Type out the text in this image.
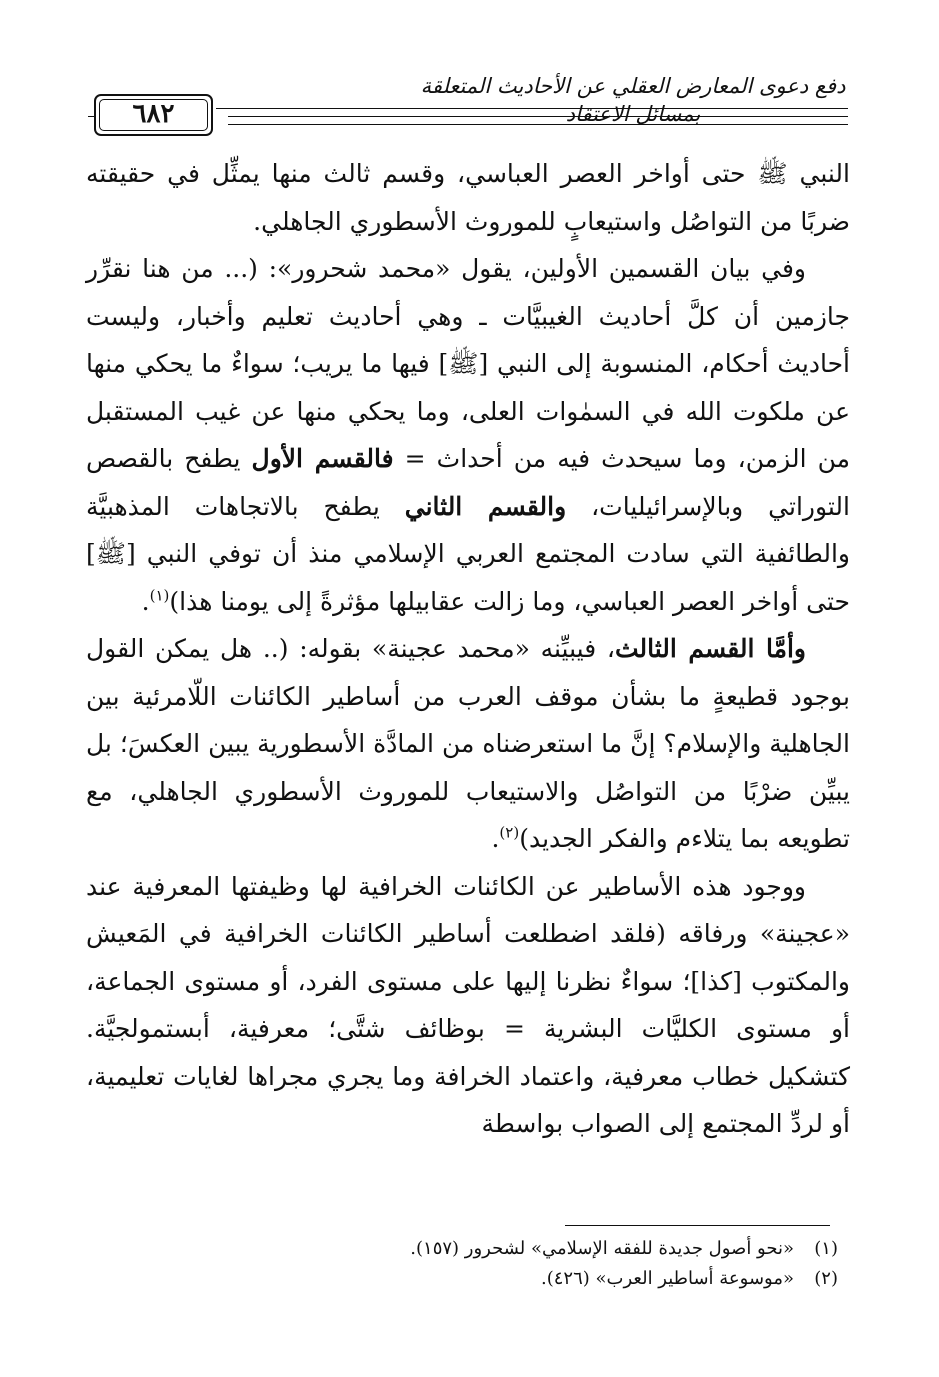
دفع دعوى المعارض العقلي عن الأحاديث المتعلقة بمسائل الاعتقاد
٦٨٢

النبي ﷺ حتى أواخر العصر العباسي، وقسم ثالث منها يمثِّل في حقيقته ضربًا من التواصُل واستيعابٍ للموروث الأسطوري الجاهلي.

وفي بيان القسمين الأولين، يقول «محمد شحرور»: (... من هنا نقرِّر جازمين أن كلَّ أحاديث الغيبيَّات ـ وهي أحاديث تعليم وأخبار، وليست أحاديث أحكام، المنسوبة إلى النبي [ﷺ] فيها ما يريب؛ سواءٌ ما يحكي منها عن ملكوت الله في السمٰوات العلى، وما يحكي منها عن غيب المستقبل من الزمن، وما سيحدث فيه من أحداث = فالقسم الأول يطفح بالقصص التوراتي وبالإسرائيليات، والقسم الثاني يطفح بالاتجاهات المذهبيَّة والطائفية التي سادت المجتمع العربي الإسلامي منذ أن توفي النبي [ﷺ] حتى أواخر العصر العباسي، وما زالت عقابيلها مؤثرةً إلى يومنا هذا)$^{(١)}$.

وأمَّا القسم الثالث، فيبيِّنه «محمد عجينة» بقوله: (.. هل يمكن القول بوجود قطيعةٍ ما بشأن موقف العرب من أساطير الكائنات اللّامرئية بين الجاهلية والإسلام؟ إنَّ ما استعرضناه من المادَّة الأسطورية يبين العكسَ؛ بل يبيِّن ضرْبًا من التواصُل والاستيعاب للموروث الأسطوري الجاهلي، مع تطويعه بما يتلاءم والفكر الجديد)$^{(٢)}$.

ووجود هذه الأساطير عن الكائنات الخرافية لها وظيفتها المعرفية عند «عجينة» ورفاقه (فلقد اضطلعت أساطير الكائنات الخرافية في المَعيش والمكتوب [كذا]؛ سواءٌ نظرنا إليها على مستوى الفرد، أو مستوى الجماعة، أو مستوى الكليَّات البشرية = بوظائف شتَّى؛ معرفية، أبستمولجيَّة. كتشكيل خطاب معرفية، واعتماد الخرافة وما يجري مجراها لغايات تعليمية، أو لردِّ المجتمع إلى الصواب بواسطة

(١)«نحو أصول جديدة للفقه الإسلامي» لشحرور (١٥٧).

(٢)«موسوعة أساطير العرب» (٤٢٦).
